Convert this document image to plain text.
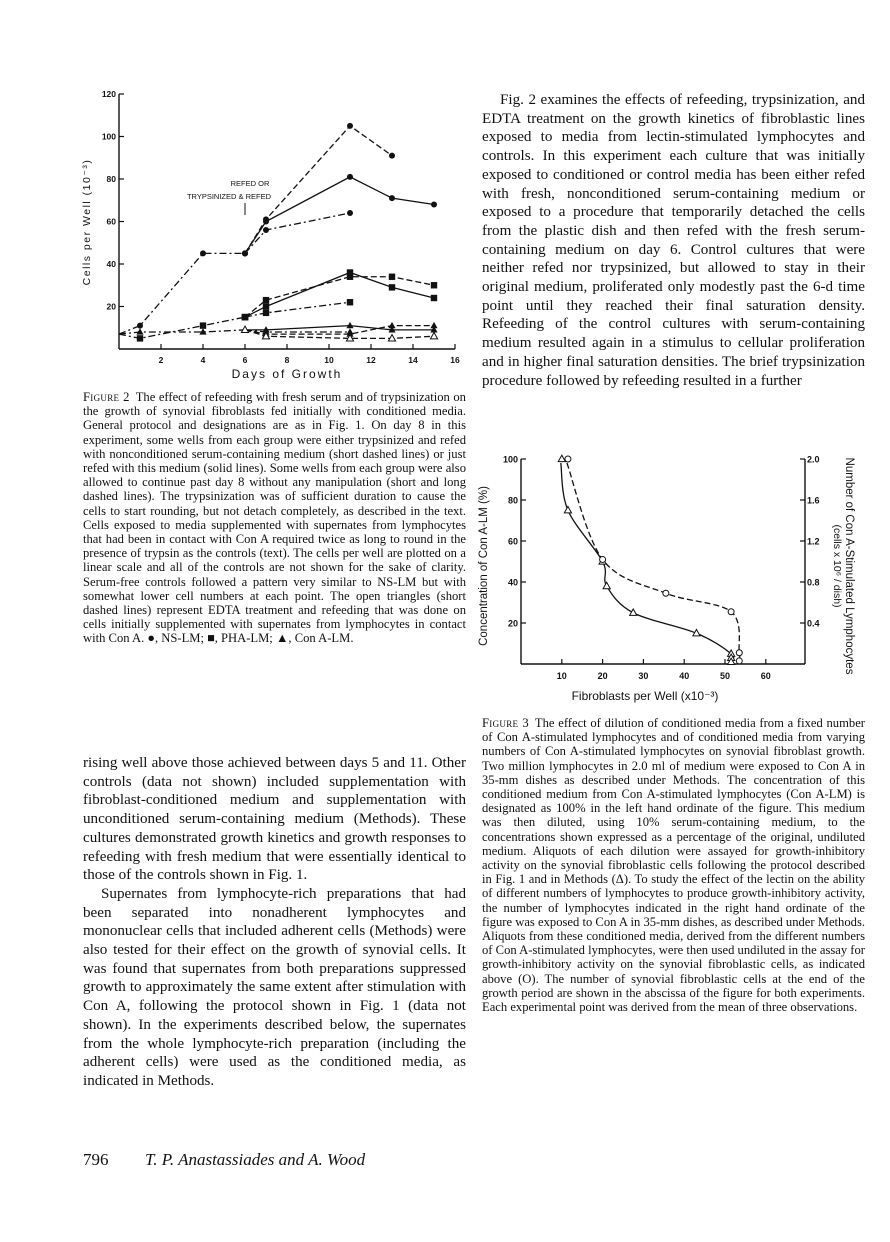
2	4	6	8	10	12	14	16
20
40
60
80
100
120
Days of Growth
Cells per Well (10⁻³)	REFED OR
TRYPSINIZED & REFED
Figure 2 The effect of refeeding with fresh serum and of trypsinization on the growth of synovial fibroblasts fed initially with conditioned media. General protocol and designations are as in Fig. 1. On day 8 in this experiment, some wells from each group were either trypsinized and refed with nonconditioned serum-containing medium (short dashed lines) or just refed with this medium (solid lines). Some wells from each group were also allowed to continue past day 8 without any manipulation (short and long dashed lines). The trypsinization was of sufficient duration to cause the cells to start rounding, but not detach completely, as described in the text. Cells exposed to media supplemented with supernates from lymphocytes that had been in contact with Con A required twice as long to round in the presence of trypsin as the controls (text). The cells per well are plotted on a linear scale and all of the controls are not shown for the sake of clarity. Serum-free controls followed a pattern very similar to NS-LM but with somewhat lower cell numbers at each point. The open triangles (short dashed lines) represent EDTA treatment and refeeding that was done on cells initially supplemented with supernates from lymphocytes in contact with Con A. ●, NS-LM; ■, PHA-LM; ▲, Con A-LM.

rising well above those achieved between days 5 and 11. Other controls (data not shown) included supplementation with fibroblast-conditioned medium and supplementation with unconditioned serum-containing medium (Methods). These cultures demonstrated growth kinetics and growth responses to refeeding with fresh medium that were essentially identical to those of the controls shown in Fig. 1.

Supernates from lymphocyte-rich preparations that had been separated into nonadherent lymphocytes and mononuclear cells that included adherent cells (Methods) were also tested for their effect on the growth of synovial cells. It was found that supernates from both preparations suppressed growth to approximately the same extent after stimulation with Con A, following the protocol shown in Fig. 1 (data not shown). In the experiments described below, the supernates from the whole lymphocyte-rich preparation (including the adherent cells) were used as the conditioned media, as indicated in Methods.

Fig. 2 examines the effects of refeeding, trypsinization, and EDTA treatment on the growth kinetics of fibroblastic lines exposed to media from lectin-stimulated lymphocytes and controls. In this experiment each culture that was initially exposed to conditioned or control media has been either refed with fresh, nonconditioned serum-containing medium or exposed to a procedure that temporarily detached the cells from the plastic dish and then refed with the fresh serum-containing medium on day 6. Control cultures that were neither refed nor trypsinized, but allowed to stay in their original medium, proliferated only modestly past the 6-d time point until they reached their final saturation density. Refeeding of the control cultures with serum-containing medium resulted again in a stimulus to cellular proliferation and in higher final saturation densities. The brief trypsinization procedure followed by refeeding resulted in a further

10	20	30	40	50	60
20
40
60
80
100
0.4
0.8
1.2
1.6
2.0
Fibroblasts per Well (x10⁻³)
Concentration of Con A-LM (%)	Number of Con A-Stimulated Lymphocytes
(cells x 10⁶ / dish)
Figure 3 The effect of dilution of conditioned media from a fixed number of Con A-stimulated lymphocytes and of conditioned media from varying numbers of Con A-stimulated lymphocytes on synovial fibroblast growth. Two million lymphocytes in 2.0 ml of medium were exposed to Con A in 35-mm dishes as described under Methods. The concentration of this conditioned medium from Con A-stimulated lymphocytes (Con A-LM) is designated as 100% in the left hand ordinate of the figure. This medium was then diluted, using 10% serum-containing medium, to the concentrations shown expressed as a percentage of the original, undiluted medium. Aliquots of each dilution were assayed for growth-inhibitory activity on the synovial fibroblastic cells following the protocol described in Fig. 1 and in Methods (Δ). To study the effect of the lectin on the ability of different numbers of lymphocytes to produce growth-inhibitory activity, the number of lymphocytes indicated in the right hand ordinate of the figure was exposed to Con A in 35-mm dishes, as described under Methods. Aliquots from these conditioned media, derived from the different numbers of Con A-stimulated lymphocytes, were then used undiluted in the assay for growth-inhibitory activity on the synovial fibroblastic cells, as indicated above (O). The number of synovial fibroblastic cells at the end of the growth period are shown in the abscissa of the figure for both experiments. Each experimental point was derived from the mean of three observations.
796 T. P. Anastassiades and A. Wood
